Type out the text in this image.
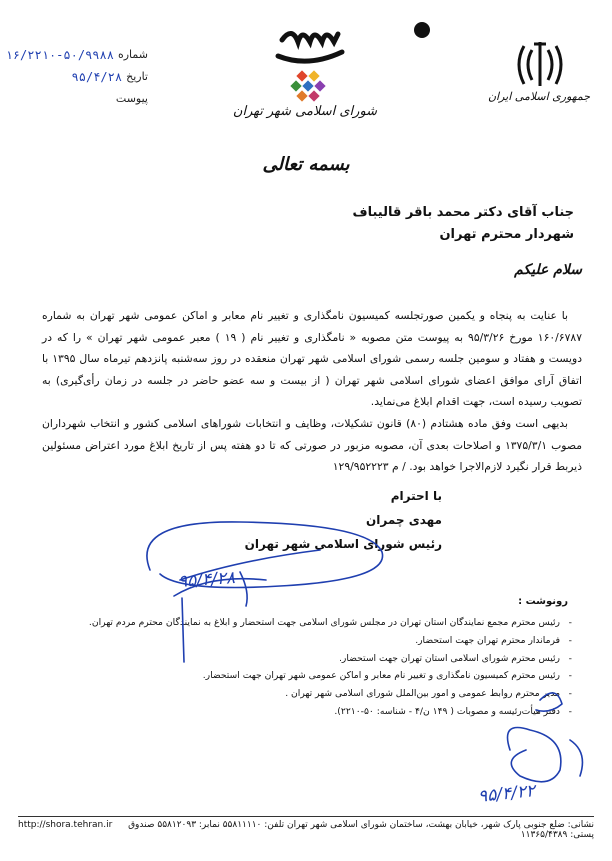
شماره
۱۶/۲۲۱۰-۵۰/۹۹۸۸
تاریخ
۹۵/۴/۲۸
پیوست
شورای اسلامی شهر تهران
جمهوری اسلامی ایران
بسمه تعالی
جناب آقای دکتر محمد باقر قالیباف
شهردار محترم تهران
سلام علیکم

با عنایت به پنجاه و یکمین صورتجلسه کمیسیون نامگذاری و تغییر نام معابر و اماکن عمومی شهر تهران به شماره ۱۶۰/۶۷۸۷ مورخ ۹۵/۳/۲۶ به پیوست متن مصوبه « نامگذاری و تغییر نام ( ۱۹ ) معبر عمومی شهر تهران » را که در دویست و هفتاد و سومین جلسه رسمی شورای اسلامی شهر تهران منعقده در روز سه‌شنبه پانزدهم تیرماه سال ۱۳۹۵ با اتفاق آرای موافق اعضای شورای اسلامی شهر تهران ( از بیست و سه عضو حاضر در جلسه در زمان رأی‌گیری) به تصویب رسیده است، جهت اقدام ابلاغ می‌نماید.

بدیهی است وفق ماده هشتادم (۸۰) قانون تشکیلات، وظایف و انتخابات شوراهای اسلامی کشور و انتخاب شهرداران مصوب ۱۳۷۵/۳/۱ و اصلاحات بعدی آن، مصوبه مزبور در صورتی که تا دو هفته پس از تاریخ ابلاغ مورد اعتراض مسئولین ذیربط قرار نگیرد لازم‌الاجرا خواهد بود. / م ۱۲۹/۹۵۲۲۲۳

با احترام
مهدی چمران
رئیس شورای اسلامی شهر تهران
۹۵/۴/۲۸
رونوشت :
- رئیس محترم مجمع نمایندگان استان تهران در مجلس شورای اسلامی جهت استحضار و ابلاغ به نمایندگان محترم مردم تهران.
- فرماندار محترم تهران جهت استحضار.
- رئیس محترم شورای اسلامی استان تهران جهت استحضار.
- رئیس محترم کمیسیون نامگذاری و تغییر نام معابر و اماکن عمومی شهر تهران جهت استحضار.
- مدیر محترم روابط عمومی و امور بین‌الملل شورای اسلامی شهر تهران .
- دفتر هیأت‌رئیسه و مصوبات ( ۱۴۹ ن/۴ - شناسه: ۵۰-۲۲۱۰).
۹۵/۴/۲۲
http://shora.tehran.ir	نشانی: ضلع جنوبی پارک شهر، خیابان بهشت، ساختمان شورای اسلامی شهر تهران تلفن: ۵۵۸۱۱۱۱۰ نمابر: ۵۵۸۱۲۰۹۳ صندوق پستی: ۱۱۳۶۵/۴۳۸۹
